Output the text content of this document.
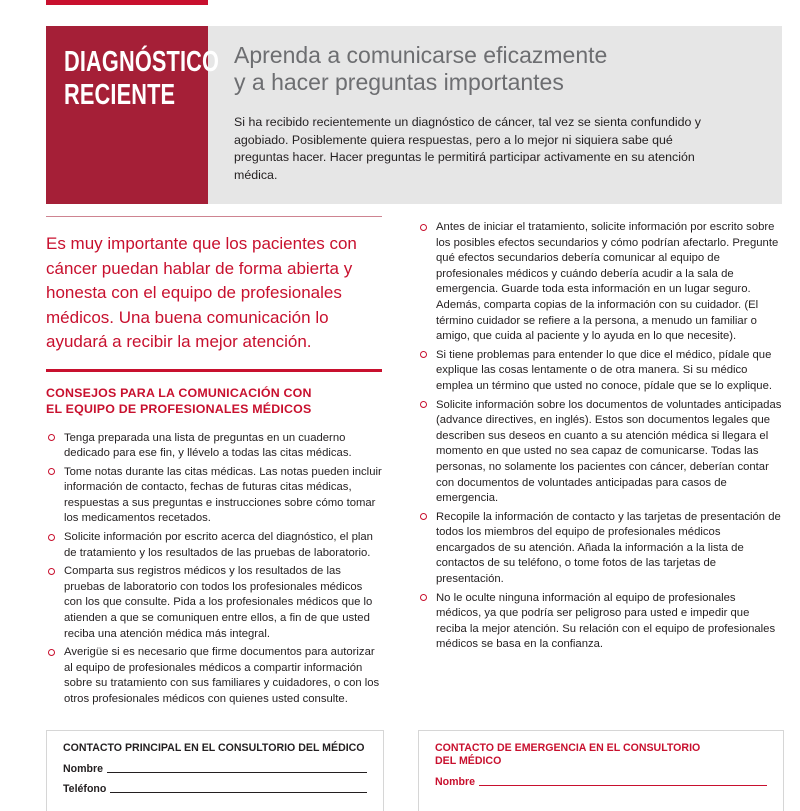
DIAGNÓSTICO
RECIENTE

Aprenda a comunicarse eficazmente
y a hacer preguntas importantes

Si ha recibido recientemente un diagnóstico de cáncer, tal vez se sienta confundido y agobiado. Posiblemente quiera respuestas, pero a lo mejor ni siquiera sabe qué preguntas hacer. Hacer preguntas le permitirá participar activamente en su atención médica.

Es muy importante que los pacientes con cáncer puedan hablar de forma abierta y honesta con el equipo de profesionales médicos. Una buena comunicación lo ayudará a recibir la mejor atención.

CONSEJOS PARA LA COMUNICACIÓN CON
EL EQUIPO DE PROFESIONALES MÉDICOS
Tenga preparada una lista de preguntas en un cuaderno dedicado para ese fin, y llévelo a todas las citas médicas.
Tome notas durante las citas médicas. Las notas pueden incluir información de contacto, fechas de futuras citas médicas, respuestas a sus preguntas e instrucciones sobre cómo tomar los medicamentos recetados.
Solicite información por escrito acerca del diagnóstico, el plan de tratamiento y los resultados de las pruebas de laboratorio.
Comparta sus registros médicos y los resultados de las pruebas de laboratorio con todos los profesionales médicos con los que consulte. Pida a los profesionales médicos que lo atienden a que se comuniquen entre ellos, a fin de que usted reciba una atención médica más integral.
Averigüe si es necesario que firme documentos para autorizar al equipo de profesionales médicos a compartir información sobre su tratamiento con sus familiares y cuidadores, o con los otros profesionales médicos con quienes usted consulte.
Antes de iniciar el tratamiento, solicite información por escrito sobre los posibles efectos secundarios y cómo podrían afectarlo. Pregunte qué efectos secundarios debería comunicar al equipo de profesionales médicos y cuándo debería acudir a la sala de emergencia. Guarde toda esta información en un lugar seguro. Además, comparta copias de la información con su cuidador. (El término cuidador se refiere a la persona, a menudo un familiar o amigo, que cuida al paciente y lo ayuda en lo que necesite).
Si tiene problemas para entender lo que dice el médico, pídale que explique las cosas lentamente o de otra manera. Si su médico emplea un término que usted no conoce, pídale que se lo explique.
Solicite información sobre los documentos de voluntades anticipadas (advance directives, en inglés). Estos son documentos legales que describen sus deseos en cuanto a su atención médica si llegara el momento en que usted no sea capaz de comunicarse. Todas las personas, no solamente los pacientes con cáncer, deberían contar con documentos de voluntades anticipadas para casos de emergencia.
Recopile la información de contacto y las tarjetas de presentación de todos los miembros del equipo de profesionales médicos encargados de su atención. Añada la información a la lista de contactos de su teléfono, o tome fotos de las tarjetas de presentación.
No le oculte ninguna información al equipo de profesionales médicos, ya que podría ser peligroso para usted e impedir que reciba la mejor atención. Su relación con el equipo de profesionales médicos se basa en la confianza.
CONTACTO PRINCIPAL EN EL CONSULTORIO DEL MÉDICO
Nombre
Teléfono
CONTACTO DE EMERGENCIA EN EL CONSULTORIO
DEL MÉDICO
Nombre
